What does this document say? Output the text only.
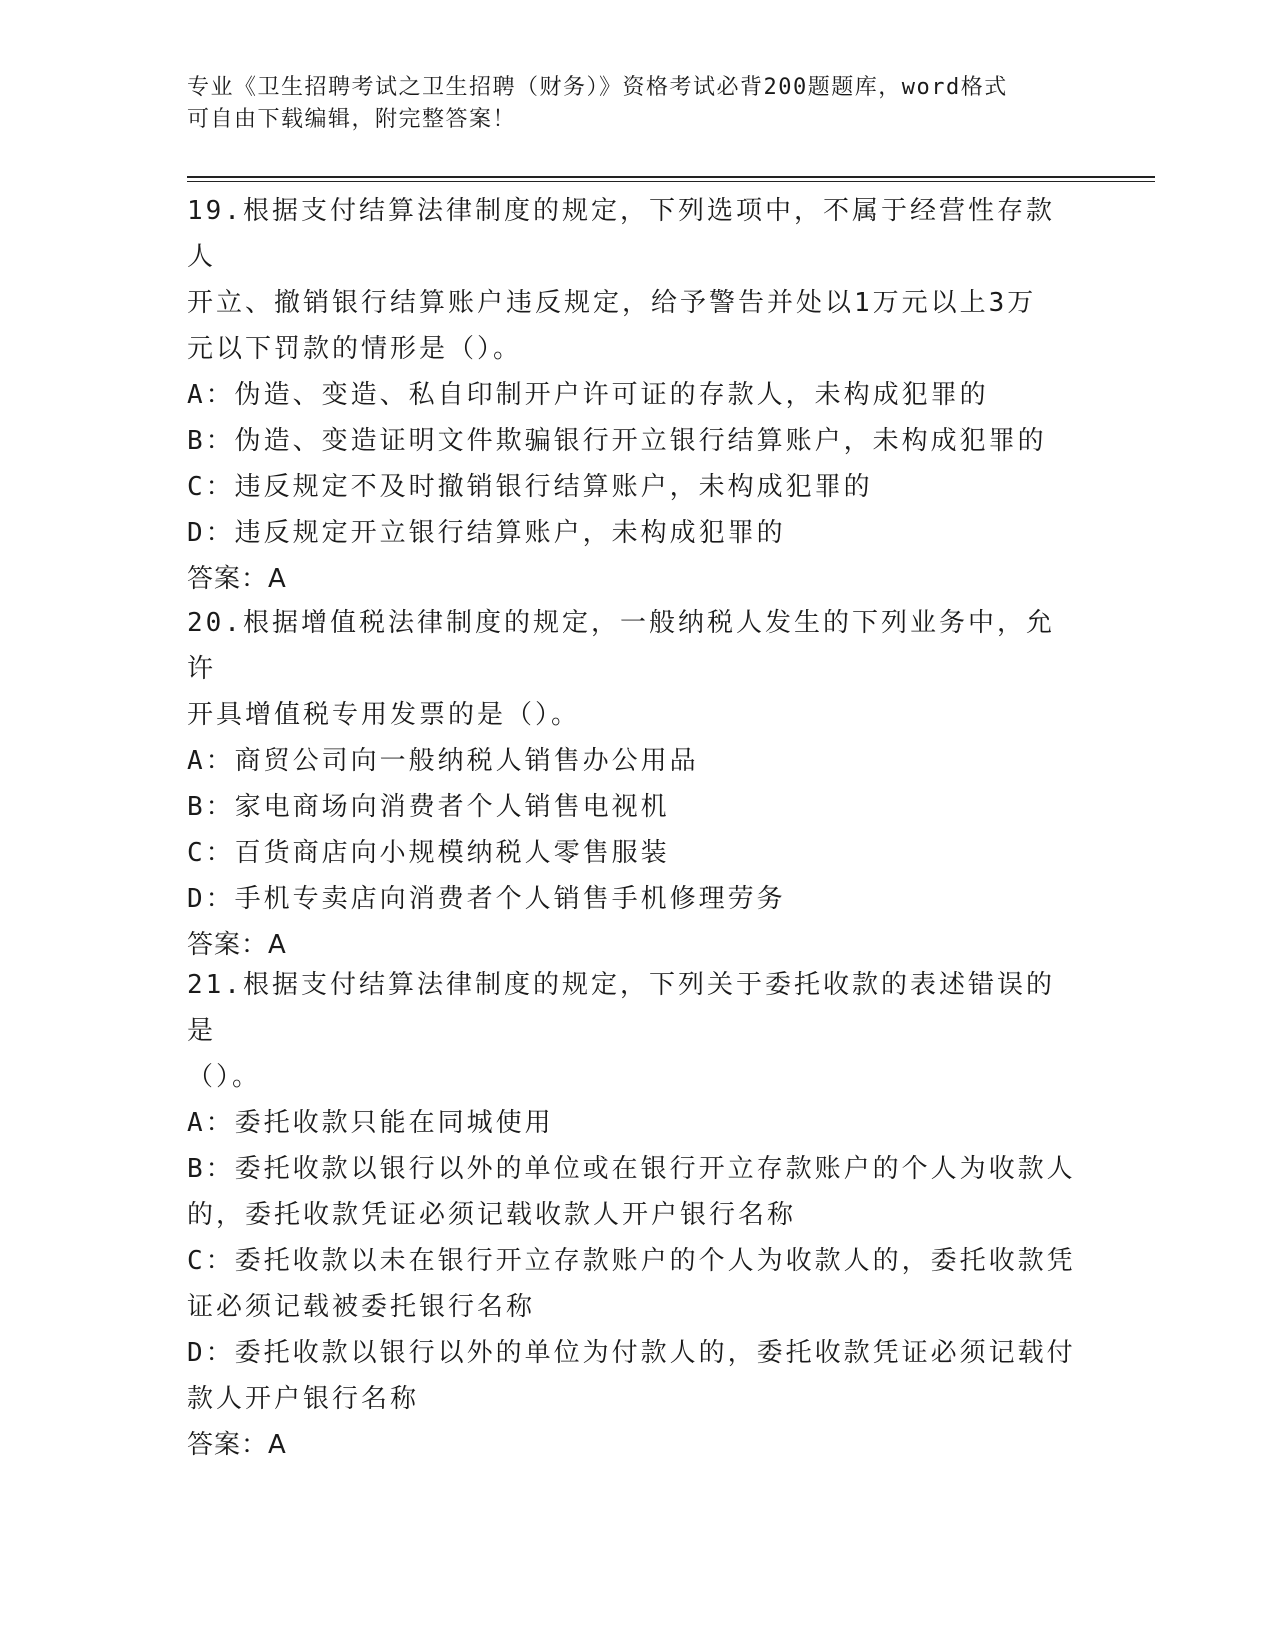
专业《卫生招聘考试之卫生招聘（财务）》资格考试必背200题题库，word格式
可自由下载编辑，附完整答案！
19.根据支付结算法律制度的规定，下列选项中，不属于经营性存款人
开立、撤销银行结算账户违反规定，给予警告并处以1万元以上3万
元以下罚款的情形是（）。
A：伪造、变造、私自印制开户许可证的存款人，未构成犯罪的
B：伪造、变造证明文件欺骗银行开立银行结算账户，未构成犯罪的
C：违反规定不及时撤销银行结算账户，未构成犯罪的
D：违反规定开立银行结算账户，未构成犯罪的
答案：A
20.根据增值税法律制度的规定，一般纳税人发生的下列业务中，允许
开具增值税专用发票的是（）。
A：商贸公司向一般纳税人销售办公用品
B：家电商场向消费者个人销售电视机
C：百货商店向小规模纳税人零售服装
D：手机专卖店向消费者个人销售手机修理劳务
答案：A
21.根据支付结算法律制度的规定，下列关于委托收款的表述错误的是
（）。
A：委托收款只能在同城使用
B：委托收款以银行以外的单位或在银行开立存款账户的个人为收款人
的，委托收款凭证必须记载收款人开户银行名称
C：委托收款以未在银行开立存款账户的个人为收款人的，委托收款凭
证必须记载被委托银行名称
D：委托收款以银行以外的单位为付款人的，委托收款凭证必须记载付
款人开户银行名称
答案：A
